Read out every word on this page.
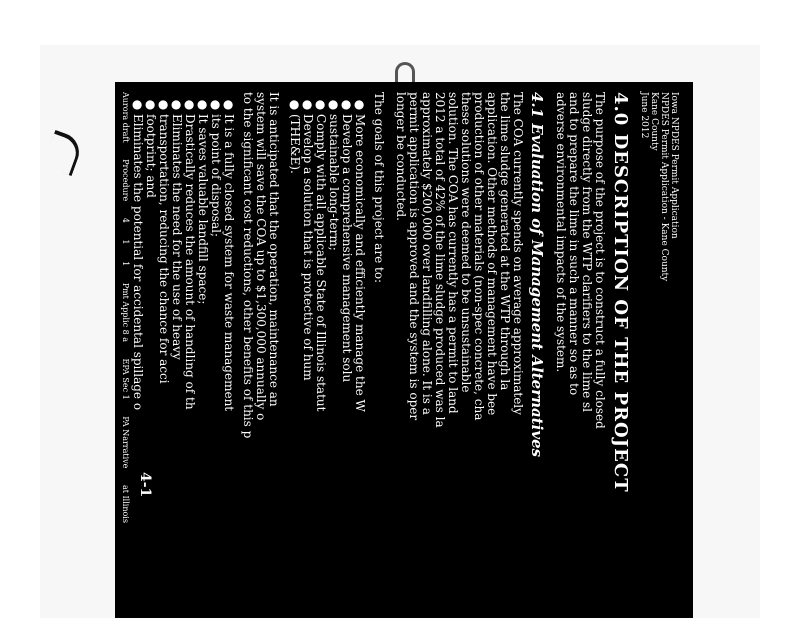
Iowa NPDES Permit Application
NPDES Permit Application - Kane County
Kane County
June 2012
4.0 DESCRIPTION OF THE PROJECT
The purpose of the project is to construct a fully closed
sludge directly from the WTP clarifiers to the lime sl
and to prepare the lime in such a manner so as to
adverse environmental impacts of the system.
4.1 Evaluation of Management Alternatives
The COA currently spends on average approximately
the lime sludge generated at the WTP through la
application. Other methods of management have bee
production of other materials (non-spec concrete, cha
these solutions were deemed to be unsustainable
solution. The COA has currently has a permit to land
2012 a total of 42% of the lime sludge produced was la
approximately $200,000 over landfilling alone. It is a
permit application is approved and the system is oper
longer be conducted.
The goals of this project are to:
• More economically and efficiently manage the W
• Develop a comprehensive management solu
sustainable long-term;
• Comply with all applicable State of Illinois statut
• Develop a solution that is protective of hum
(THE&E).
It is anticipated that the operation, maintenance an
system will save the COA up to $1,300,000 annually o
to the significant cost reductions, other benefits of this p
• It is a fully closed system for waste management
its point of disposal;
• It saves valuable landfill space;
• Drastically reduces the amount of handling of th
• Eliminates the need for the use of heavy
transportation, reducing the chance for acci
footprint; and
• Eliminates the potential for accidental spillage o
4-1
Aurora draft Procedure 4 1 1 Pmt Applic 8 a EPA Sec 1 PA Narrative at Illinois
